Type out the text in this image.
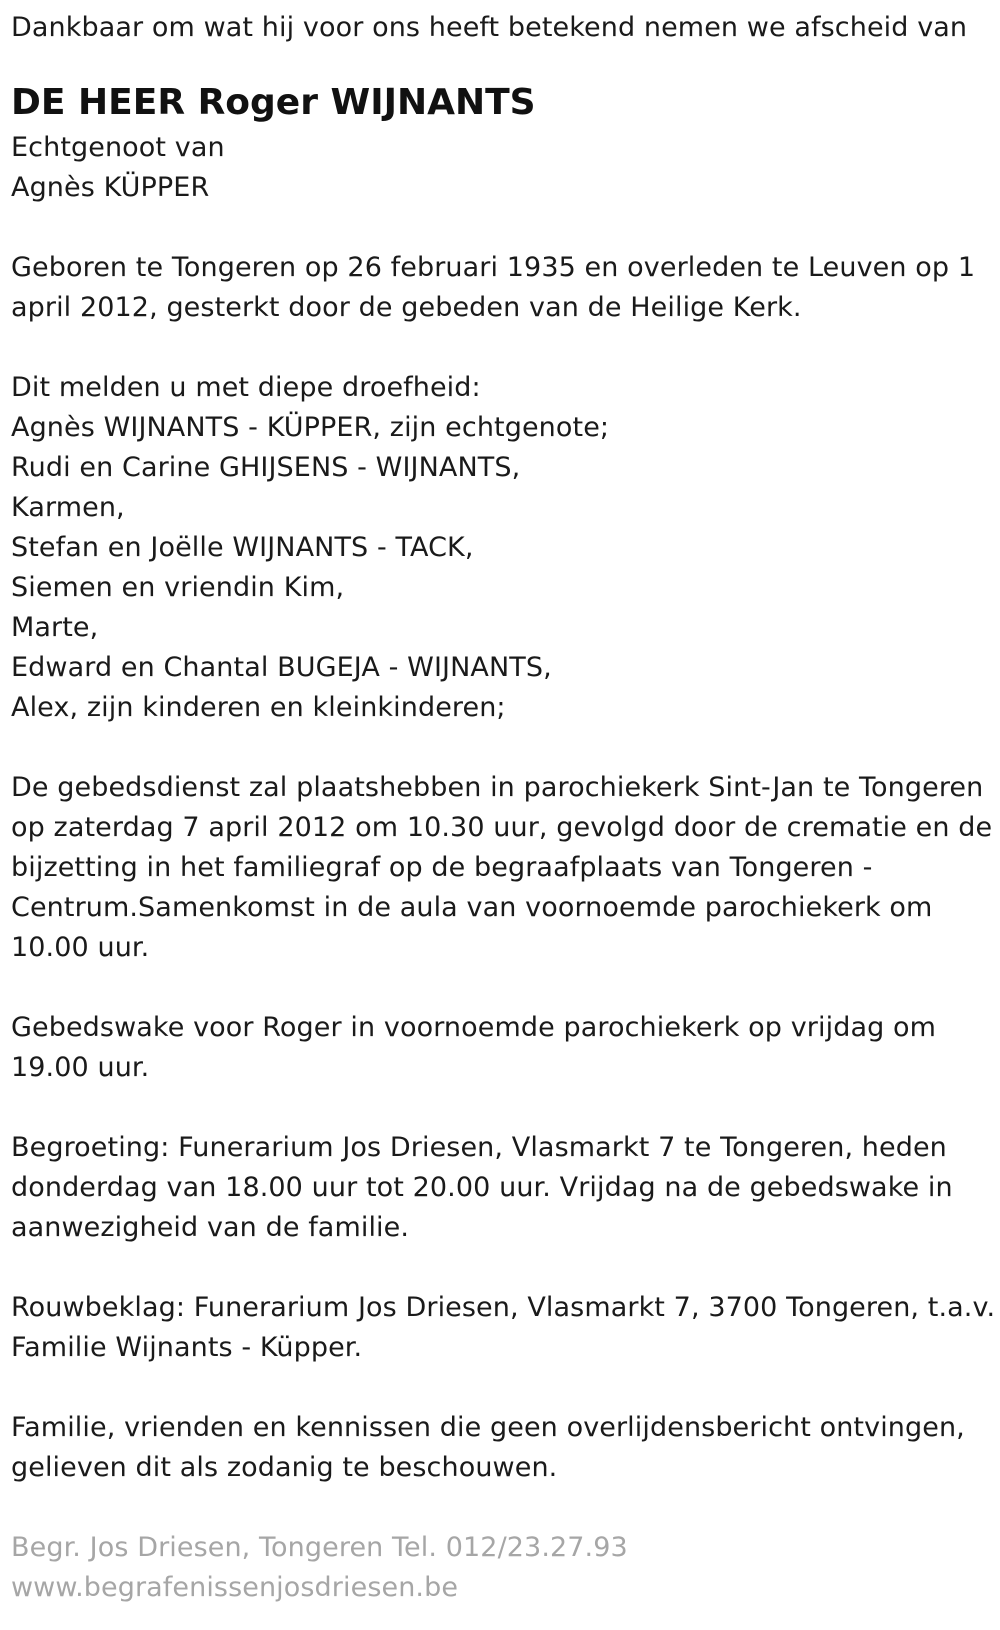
Dankbaar om wat hij voor ons heeft betekend nemen we afscheid van

DE HEER Roger WIJNANTS

Echtgenoot van

Agnès KÜPPER

Geboren te Tongeren op 26 februari 1935 en overleden te Leuven op 1

april 2012, gesterkt door de gebeden van de Heilige Kerk.

Dit melden u met diepe droefheid:

Agnès WIJNANTS - KÜPPER, zijn echtgenote;

Rudi en Carine GHIJSENS - WIJNANTS,

Karmen,

Stefan en Joëlle WIJNANTS - TACK,

Siemen en vriendin Kim,

Marte,

Edward en Chantal BUGEJA - WIJNANTS,

Alex, zijn kinderen en kleinkinderen;

De gebedsdienst zal plaatshebben in parochiekerk Sint-Jan te Tongeren

op zaterdag 7 april 2012 om 10.30 uur, gevolgd door de crematie en de

bijzetting in het familiegraf op de begraafplaats van Tongeren -

Centrum.Samenkomst in de aula van voornoemde parochiekerk om

10.00 uur.

Gebedswake voor Roger in voornoemde parochiekerk op vrijdag om

19.00 uur.

Begroeting: Funerarium Jos Driesen, Vlasmarkt 7 te Tongeren, heden

donderdag van 18.00 uur tot 20.00 uur. Vrijdag na de gebedswake in

aanwezigheid van de familie.

Rouwbeklag: Funerarium Jos Driesen, Vlasmarkt 7, 3700 Tongeren, t.a.v.

Familie Wijnants - Küpper.

Familie, vrienden en kennissen die geen overlijdensbericht ontvingen,

gelieven dit als zodanig te beschouwen.

Begr. Jos Driesen, Tongeren Tel. 012/23.27.93

www.begrafenissenjosdriesen.be
